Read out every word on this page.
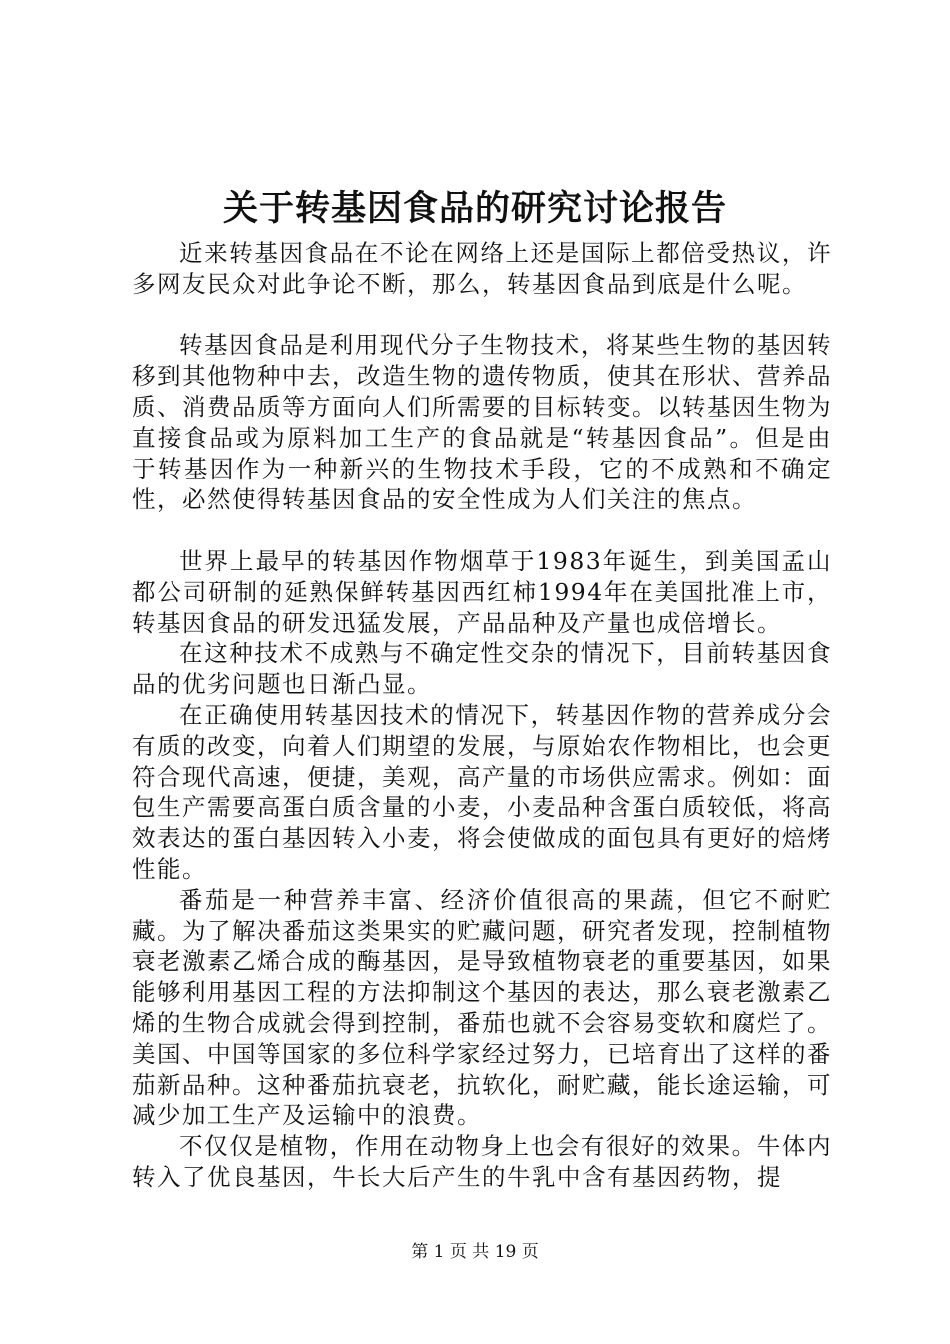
关于转基因食品的研究讨论报告

近来转基因食品在不论在网络上还是国际上都倍受热议，许多网友民众对此争论不断，那么，转基因食品到底是什么呢。

转基因食品是利用现代分子生物技术，将某些生物的基因转移到其他物种中去，改造生物的遗传物质，使其在形状、营养品质、消费品质等方面向人们所需要的目标转变。以转基因生物为直接食品或为原料加工生产的食品就是“转基因食品”。但是由于转基因作为一种新兴的生物技术手段，它的不成熟和不确定性，必然使得转基因食品的安全性成为人们关注的焦点。

世界上最早的转基因作物烟草于1983年诞生，到美国孟山都公司研制的延熟保鲜转基因西红柿1994年在美国批准上市，转基因食品的研发迅猛发展，产品品种及产量也成倍增长。

在这种技术不成熟与不确定性交杂的情况下，目前转基因食品的优劣问题也日渐凸显。

在正确使用转基因技术的情况下，转基因作物的营养成分会有质的改变，向着人们期望的发展，与原始农作物相比，也会更符合现代高速，便捷，美观，高产量的市场供应需求。例如：面包生产需要高蛋白质含量的小麦，小麦品种含蛋白质较低，将高效表达的蛋白基因转入小麦，将会使做成的面包具有更好的焙烤性能。

番茄是一种营养丰富、经济价值很高的果蔬，但它不耐贮藏。为了解决番茄这类果实的贮藏问题，研究者发现，控制植物衰老激素乙烯合成的酶基因，是导致植物衰老的重要基因，如果能够利用基因工程的方法抑制这个基因的表达，那么衰老激素乙烯的生物合成就会得到控制，番茄也就不会容易变软和腐烂了。美国、中国等国家的多位科学家经过努力，已培育出了这样的番茄新品种。这种番茄抗衰老，抗软化，耐贮藏，能长途运输，可减少加工生产及运输中的浪费。

不仅仅是植物，作用在动物身上也会有很好的效果。牛体内转入了优良基因，牛长大后产生的牛乳中含有基因药物，提

第 1 页 共 19 页
